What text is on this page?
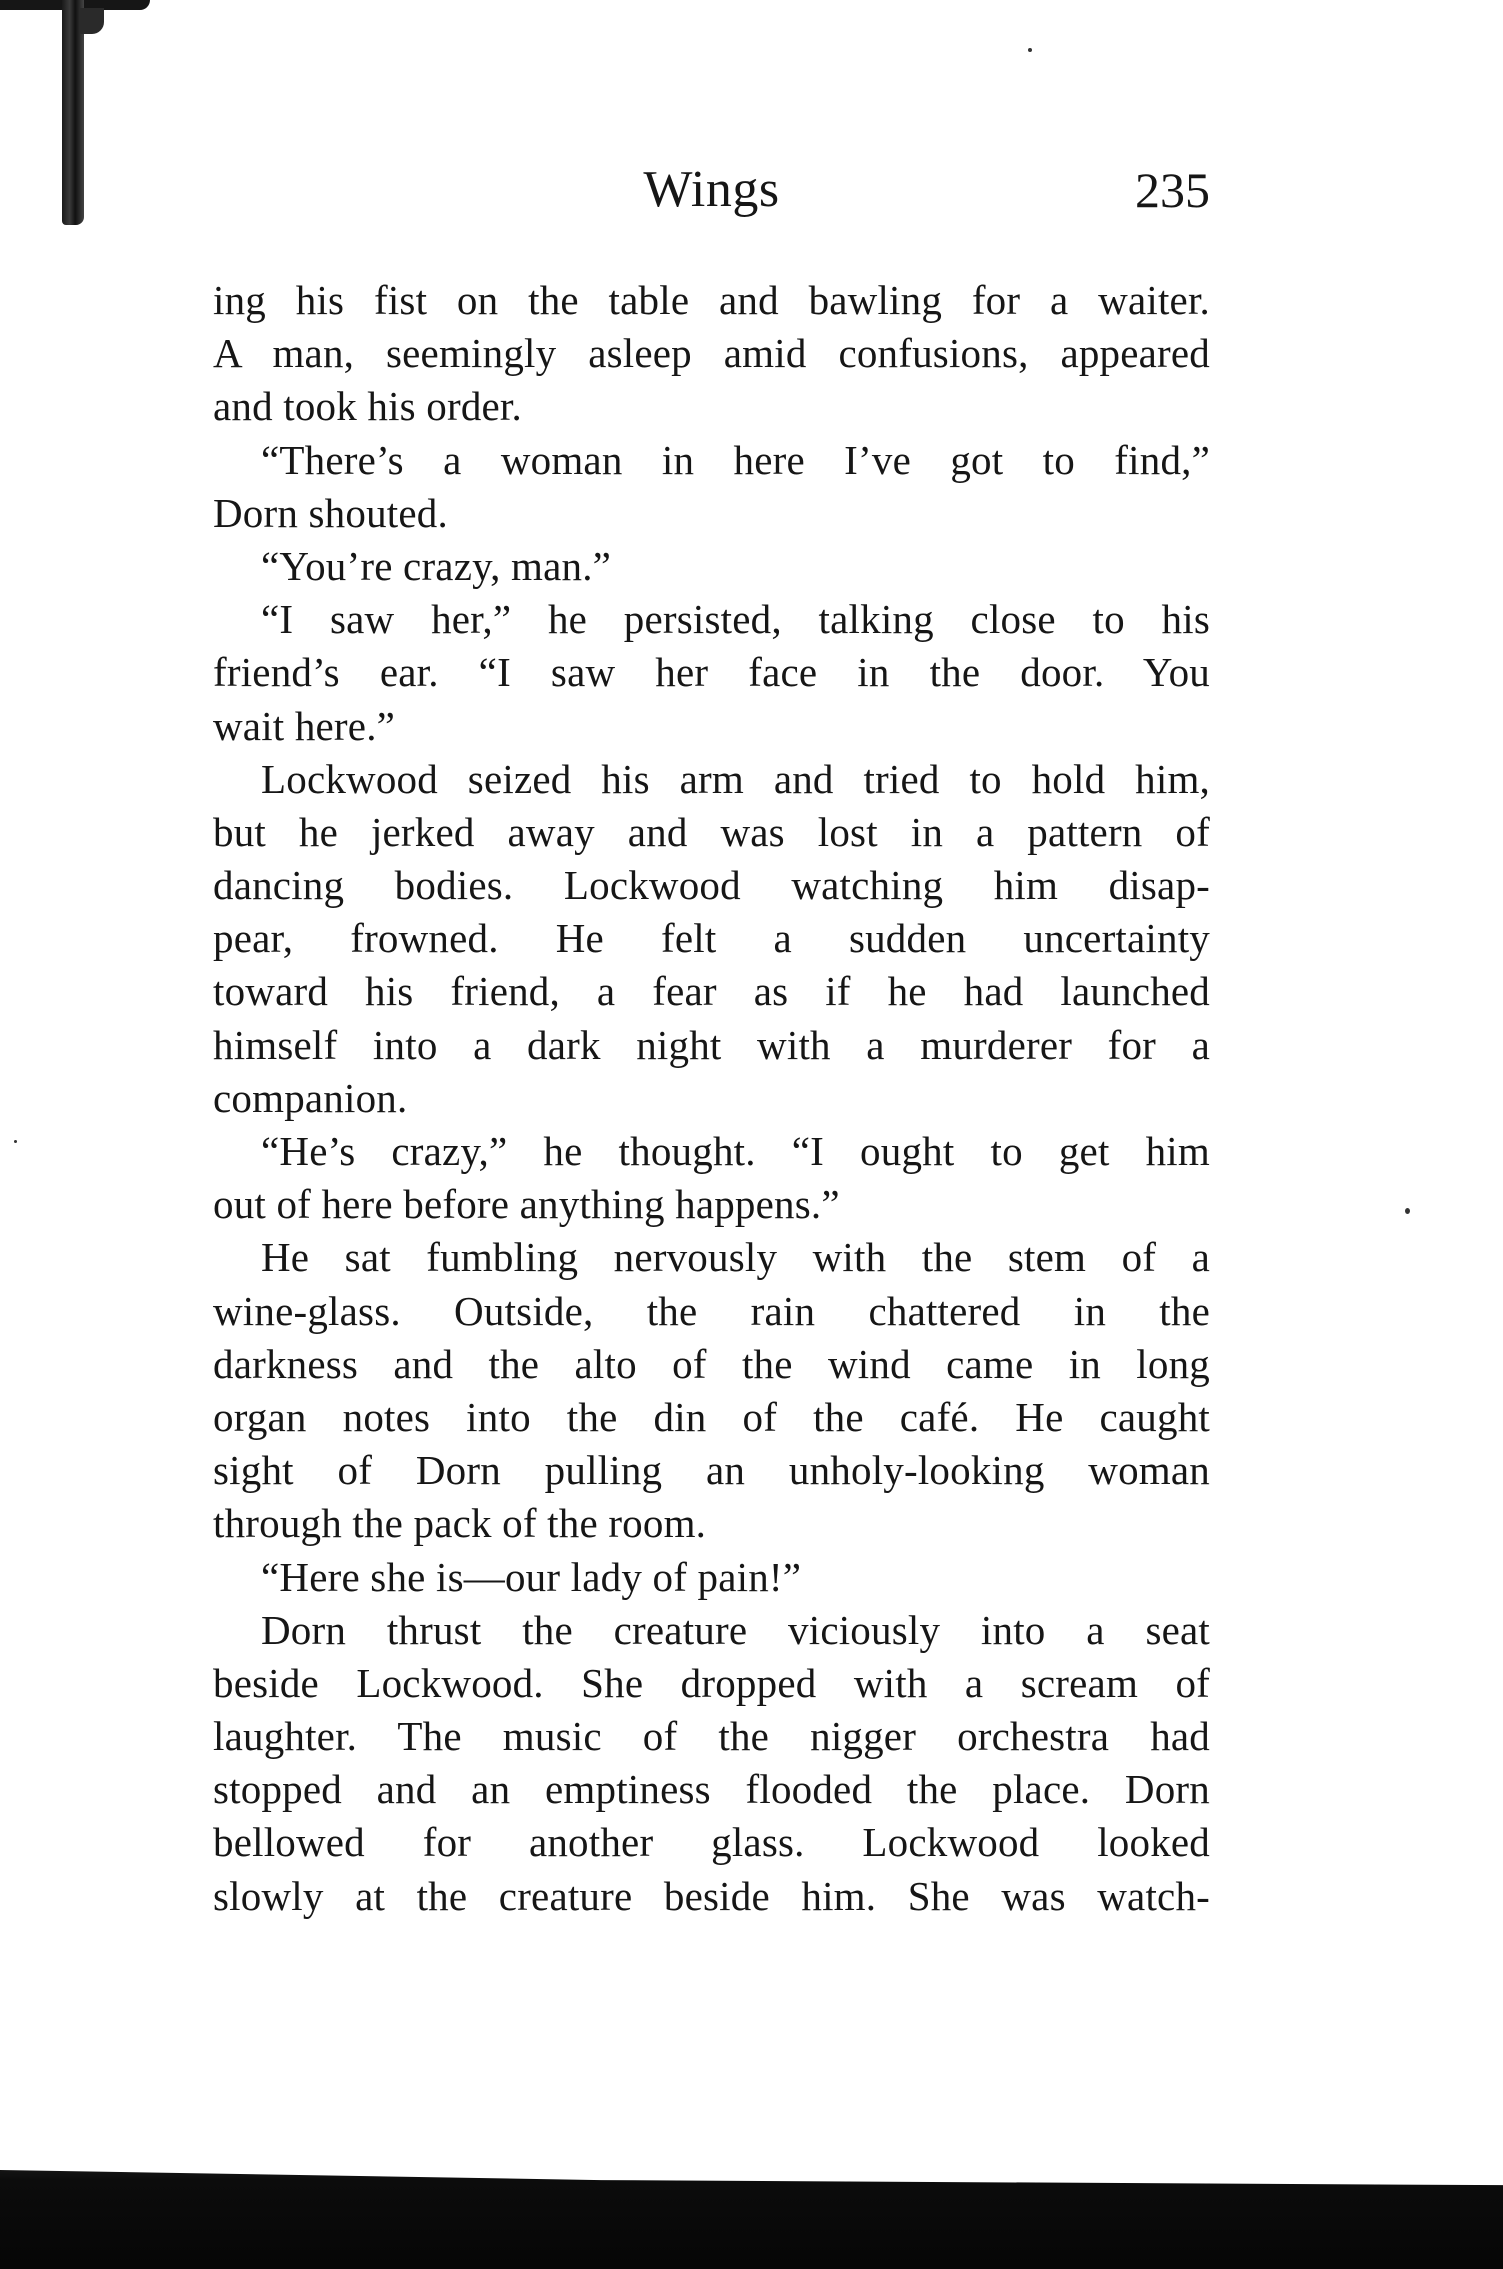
Wings	235
ing his fist on the table and bawling for a waiter.
A man, seemingly asleep amid confusions, appeared
and took his order.
“There’s a woman in here I’ve got to find,”
Dorn shouted.
“You’re crazy, man.”
“I saw her,” he persisted, talking close to his
friend’s ear. “I saw her face in the door. You
wait here.”
Lockwood seized his arm and tried to hold him,
but he jerked away and was lost in a pattern of
dancing bodies. Lockwood watching him disap-
pear, frowned. He felt a sudden uncertainty
toward his friend, a fear as if he had launched
himself into a dark night with a murderer for a
companion.
“He’s crazy,” he thought. “I ought to get him
out of here before anything happens.”
He sat fumbling nervously with the stem of a
wine-glass. Outside, the rain chattered in the
darkness and the alto of the wind came in long
organ notes into the din of the café. He caught
sight of Dorn pulling an unholy-looking woman
through the pack of the room.
“Here she is—our lady of pain!”
Dorn thrust the creature viciously into a seat
beside Lockwood. She dropped with a scream of
laughter. The music of the nigger orchestra had
stopped and an emptiness flooded the place. Dorn
bellowed for another glass. Lockwood looked
slowly at the creature beside him. She was watch-
